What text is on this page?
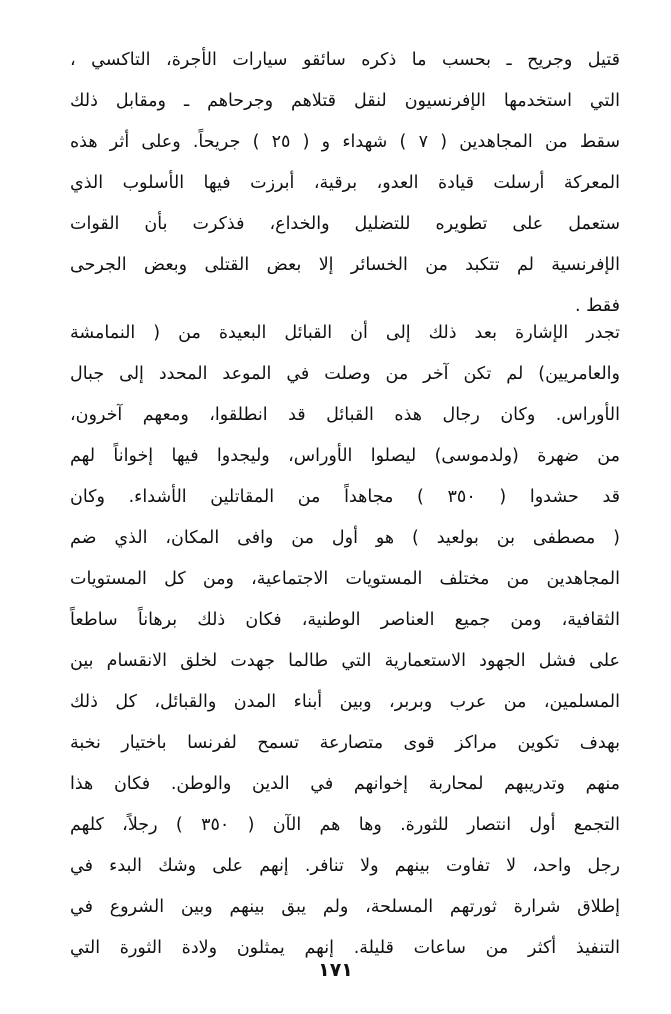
قتيل وجريح ـ بحسب ما ذكره سائقو سيارات الأجرة، التاكسي ،
التي استخدمها الإفرنسيون لنقل قتلاهم وجرحاهم ـ ومقابل ذلك
سقط من المجاهدين ( ٧ ) شهداء و ( ٢٥ ) جريحاً. وعلى أثر هذه
المعركة أرسلت قيادة العدو، برقية، أبرزت فيها الأسلوب الذي
ستعمل على تطويره للتضليل والخداع، فذكرت بأن القوات
الإفرنسية لم تتكبد من الخسائر إلا بعض القتلى وبعض الجرحى
فقط .
تجدر الإشارة بعد ذلك إلى أن القبائل البعيدة من ( النمامشة
والعامريين) لم تكن آخر من وصلت في الموعد المحدد إلى جبال
الأوراس. وكان رجال هذه القبائل قد انطلقوا، ومعهم آخرون،
من ضهرة (ولدموسى) ليصلوا الأوراس، وليجدوا فيها إخواناً لهم
قد حشدوا ( ٣٥٠ ) مجاهداً من المقاتلين الأشداء. وكان
( مصطفى بن بولعيد ) هو أول من وافى المكان، الذي ضم
المجاهدين من مختلف المستويات الاجتماعية، ومن كل المستويات
الثقافية، ومن جميع العناصر الوطنية، فكان ذلك برهاناً ساطعاً
على فشل الجهود الاستعمارية التي طالما جهدت لخلق الانقسام بين
المسلمين، من عرب وبربر، وبين أبناء المدن والقبائل، كل ذلك
بهدف تكوين مراكز قوى متصارعة تسمح لفرنسا باختيار نخبة
منهم وتدريبهم لمحاربة إخوانهم في الدين والوطن. فكان هذا
التجمع أول انتصار للثورة. وها هم الآن ( ٣٥٠ ) رجلاً، كلهم
رجل واحد، لا تفاوت بينهم ولا تنافر. إنهم على وشك البدء في
إطلاق شرارة ثورتهم المسلحة، ولم يبق بينهم وبين الشروع في
التنفيذ أكثر من ساعات قليلة. إنهم يمثلون ولادة الثورة التي
١٧١
